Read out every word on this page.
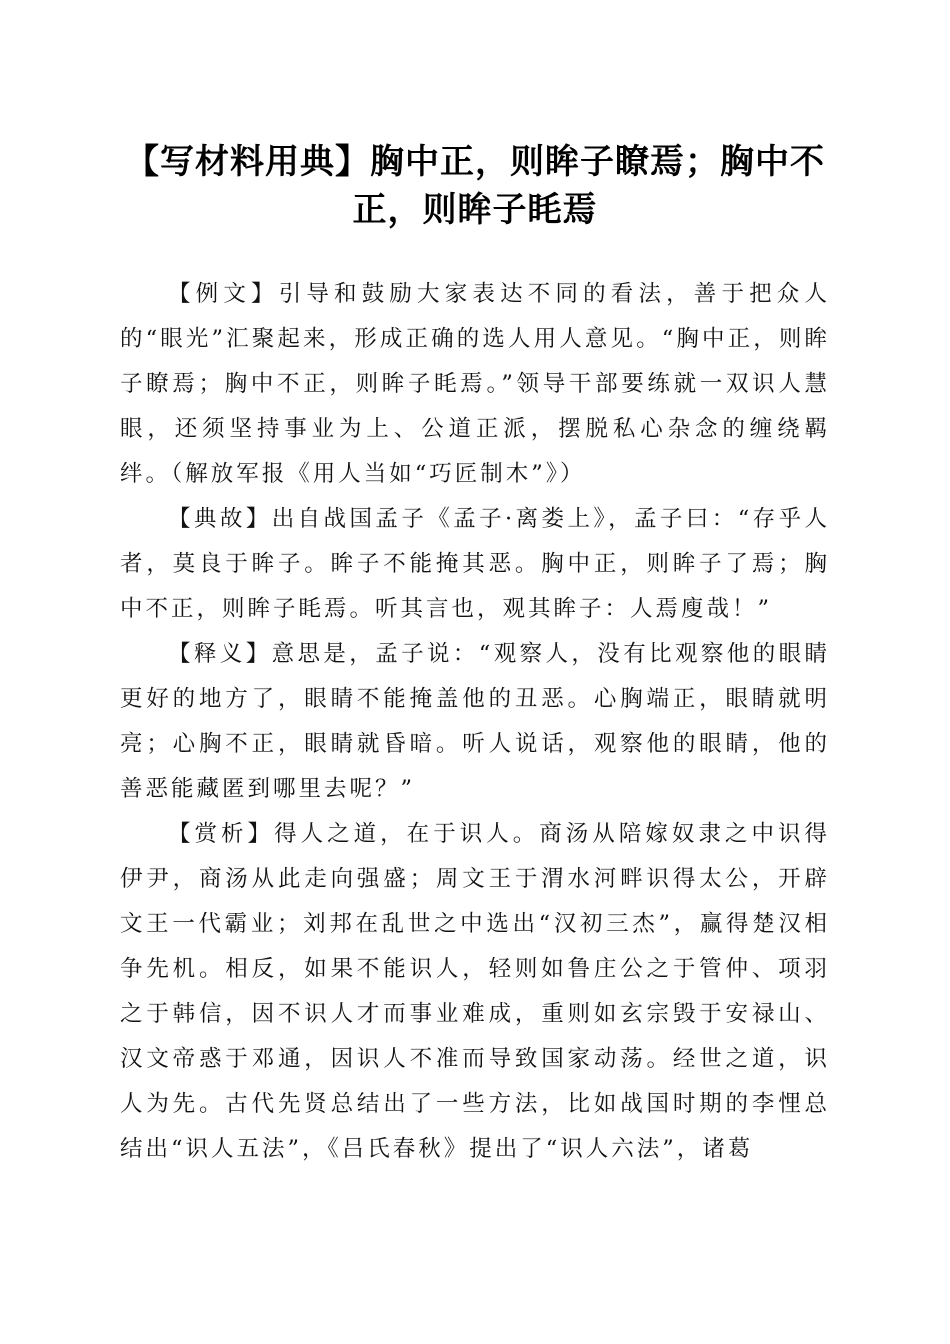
【写材料用典】胸中正，则眸子瞭焉；胸中不正，则眸子眊焉

【例文】引导和鼓励大家表达不同的看法，善于把众人的“眼光”汇聚起来，形成正确的选人用人意见。“胸中正，则眸子瞭焉；胸中不正，则眸子眊焉。”领导干部要练就一双识人慧眼，还须坚持事业为上、公道正派，摆脱私心杂念的缠绕羁绊。（解放军报《用人当如“巧匠制木”》）

【典故】出自战国孟子《孟子·离娄上》，孟子曰：“存乎人者，莫良于眸子。眸子不能掩其恶。胸中正，则眸子了焉；胸中不正，则眸子眊焉。听其言也，观其眸子：人焉廋哉！”

【释义】意思是，孟子说：“观察人，没有比观察他的眼睛更好的地方了，眼睛不能掩盖他的丑恶。心胸端正，眼睛就明亮；心胸不正，眼睛就昏暗。听人说话，观察他的眼睛，他的善恶能藏匿到哪里去呢？”

【赏析】得人之道，在于识人。商汤从陪嫁奴隶之中识得伊尹，商汤从此走向强盛；周文王于渭水河畔识得太公，开辟文王一代霸业；刘邦在乱世之中选出“汉初三杰”，赢得楚汉相争先机。相反，如果不能识人，轻则如鲁庄公之于管仲、项羽之于韩信，因不识人才而事业难成，重则如玄宗毁于安禄山、汉文帝惑于邓通，因识人不准而导致国家动荡。经世之道，识人为先。古代先贤总结出了一些方法，比如战国时期的李悝总结出“识人五法”，《吕氏春秋》提出了“识人六法”，诸葛
